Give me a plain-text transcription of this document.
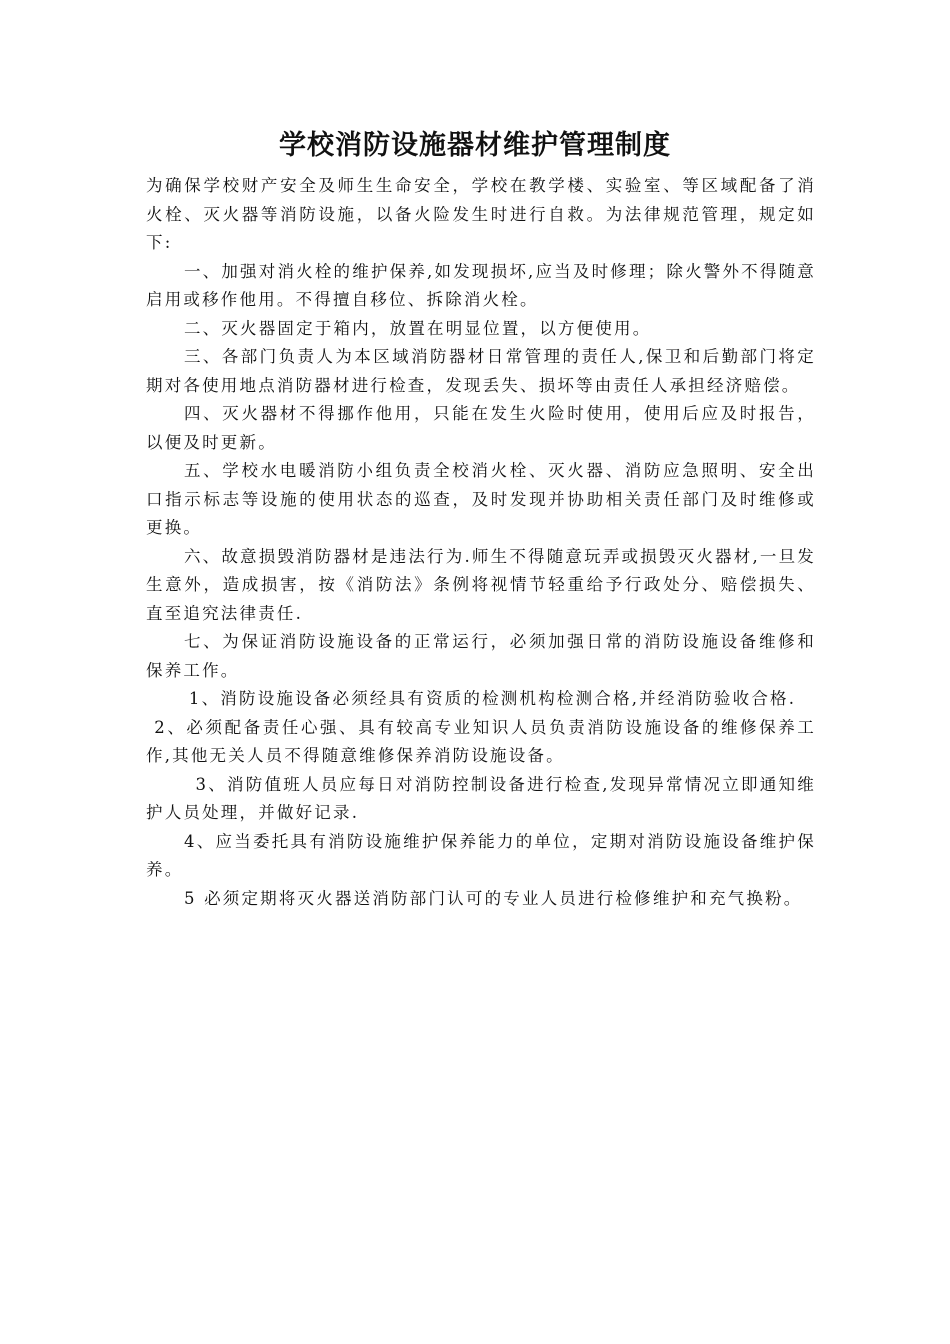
学校消防设施器材维护管理制度

为确保学校财产安全及师生生命安全，学校在教学楼、实验室、等区域配备了消火栓、灭火器等消防设施，以备火险发生时进行自救。为法律规范管理，规定如下:

一、加强对消火栓的维护保养,如发现损坏,应当及时修理；除火警外不得随意启用或移作他用。不得擅自移位、拆除消火栓。

二、灭火器固定于箱内，放置在明显位置，以方便使用。

三、各部门负责人为本区域消防器材日常管理的责任人,保卫和后勤部门将定期对各使用地点消防器材进行检查，发现丢失、损坏等由责任人承担经济赔偿。

四、灭火器材不得挪作他用，只能在发生火险时使用，使用后应及时报告，以便及时更新。

五、学校水电暖消防小组负责全校消火栓、灭火器、消防应急照明、安全出口指示标志等设施的使用状态的巡查，及时发现并协助相关责任部门及时维修或更换。

六、故意损毁消防器材是违法行为.师生不得随意玩弄或损毁灭火器材,一旦发生意外，造成损害，按《消防法》条例将视情节轻重给予行政处分、赔偿损失、直至追究法律责任.

七、为保证消防设施设备的正常运行，必须加强日常的消防设施设备维修和保养工作。

1、消防设施设备必须经具有资质的检测机构检测合格,并经消防验收合格.

2、必须配备责任心强、具有较高专业知识人员负责消防设施设备的维修保养工作,其他无关人员不得随意维修保养消防设施设备。

3、消防值班人员应每日对消防控制设备进行检查,发现异常情况立即通知维护人员处理，并做好记录.

4、应当委托具有消防设施维护保养能力的单位，定期对消防设施设备维护保养。

5 必须定期将灭火器送消防部门认可的专业人员进行检修维护和充气换粉。
